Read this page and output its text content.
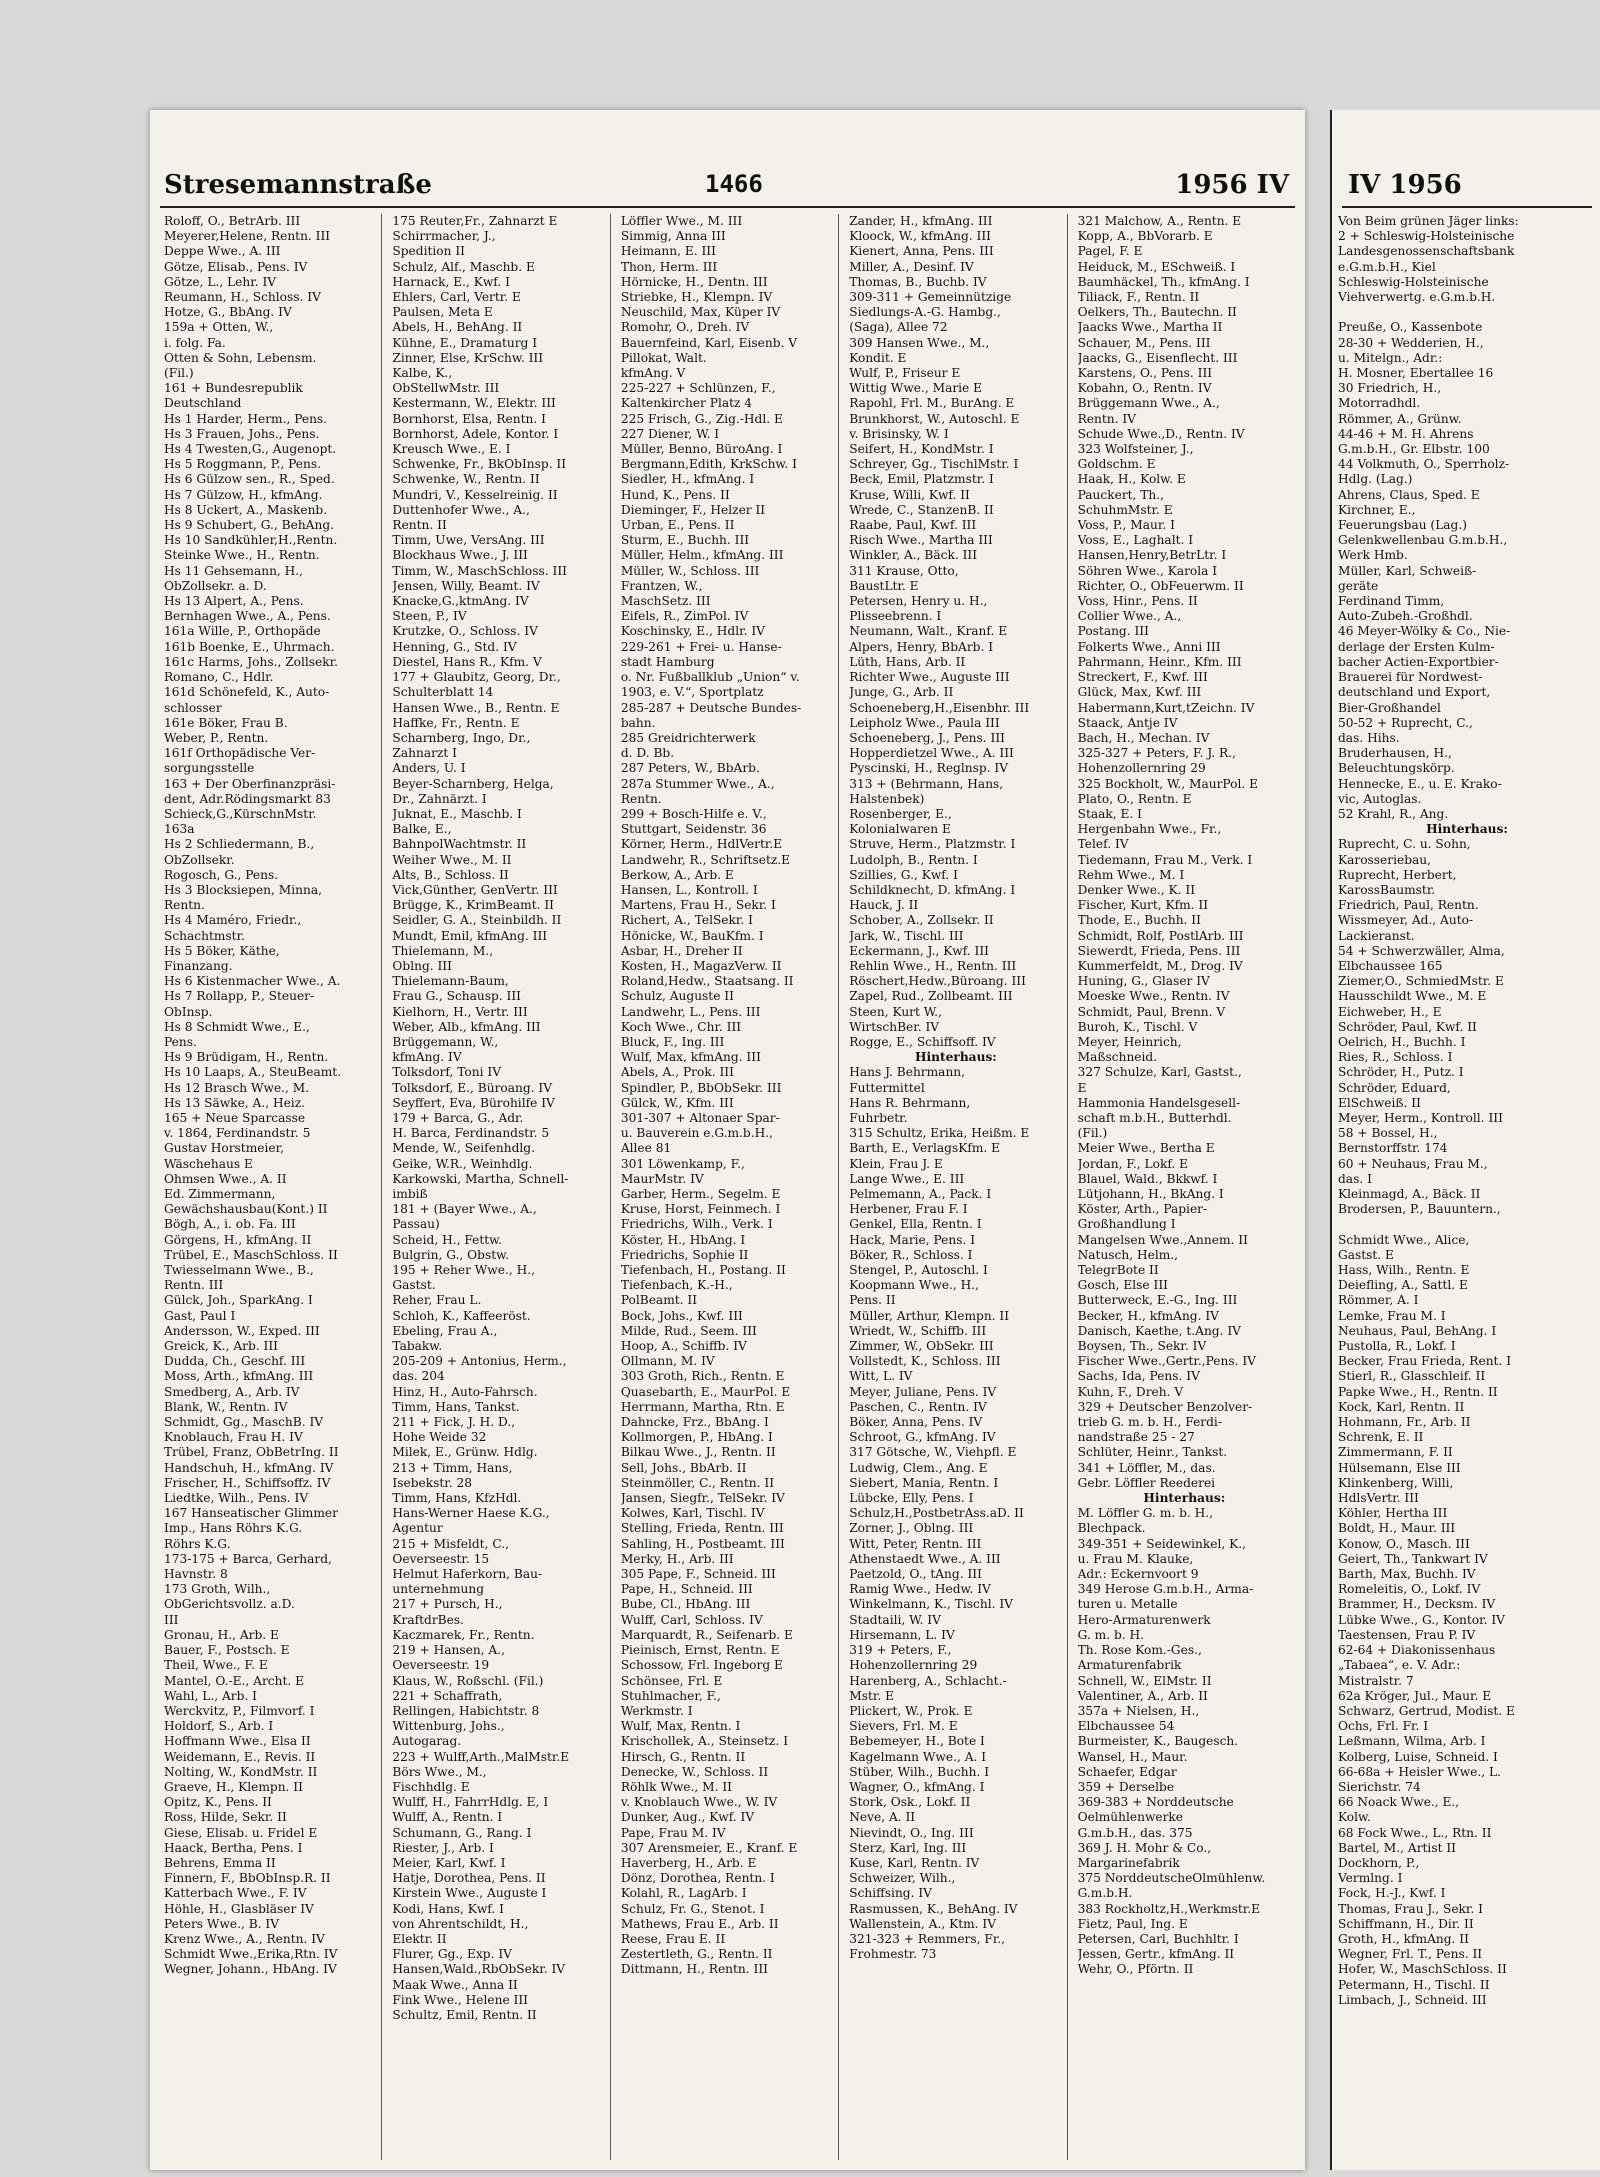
Stresemannstraße	1466	1956 IV
Roloff, O., BetrArb. III
Meyerer,Helene, Rentn. III
Deppe Wwe., A. III
Götze, Elisab., Pens. IV
Götze, L., Lehr. IV
Reumann, H., Schloss. IV
Hotze, G., BbAng. IV
159a + Otten, W.,
i. folg. Fa.
Otten & Sohn, Lebensm.
(Fil.)
161 + Bundesrepublik
Deutschland
Hs 1 Harder, Herm., Pens.
Hs 3 Frauen, Johs., Pens.
Hs 4 Twesten,G., Augenopt.
Hs 5 Roggmann, P., Pens.
Hs 6 Gülzow sen., R., Sped.
Hs 7 Gülzow, H., kfmAng.
Hs 8 Uckert, A., Maskenb.
Hs 9 Schubert, G., BehAng.
Hs 10 Sandkühler,H.,Rentn.
Steinke Wwe., H., Rentn.
Hs 11 Gehsemann, H.,
ObZollsekr. a. D.
Hs 13 Alpert, A., Pens.
Bernhagen Wwe., A., Pens.
161a Wille, P., Orthopäde
161b Boenke, E., Uhrmach.
161c Harms, Johs., Zollsekr.
Romano, C., Hdlr.
161d Schönefeld, K., Auto-
schlosser
161e Böker, Frau B.
Weber, P., Rentn.
161f Orthopädische Ver-
sorgungsstelle
163 + Der Oberfinanzpräsi-
dent, Adr.Rödingsmarkt 83
Schieck,G.,KürschnMstr.
163a
Hs 2 Schliedermann, B.,
ObZollsekr.
Rogosch, G., Pens.
Hs 3 Blocksiepen, Minna,
Rentn.
Hs 4 Maméro, Friedr.,
Schachtmstr.
Hs 5 Böker, Käthe,
Finanzang.
Hs 6 Kistenmacher Wwe., A.
Hs 7 Rollapp, P., Steuer-
ObInsp.
Hs 8 Schmidt Wwe., E.,
Pens.
Hs 9 Brüdigam, H., Rentn.
Hs 10 Laaps, A., SteuBeamt.
Hs 12 Brasch Wwe., M.
Hs 13 Säwke, A., Heiz.
165 + Neue Sparcasse
v. 1864, Ferdinandstr. 5
Gustav Horstmeier,
Wäschehaus E
Ohmsen Wwe., A. II
Ed. Zimmermann,
Gewächshausbau(Kont.) II
Bögh, A., i. ob. Fa. III
Görgens, H., kfmAng. II
Trübel, E., MaschSchloss. II
Twiesselmann Wwe., B.,
Rentn. III
Gülck, Joh., SparkAng. I
Gast, Paul I
Andersson, W., Exped. III
Greick, K., Arb. III
Dudda, Ch., Geschf. III
Moss, Arth., kfmAng. III
Smedberg, A., Arb. IV
Blank, W., Rentn. IV
Schmidt, Gg., MaschB. IV
Knoblauch, Frau H. IV
Trübel, Franz, ObBetrIng. II
Handschuh, H., kfmAng. IV
Frischer, H., Schiffsoffz. IV
Liedtke, Wilh., Pens. IV
167 Hanseatischer Glimmer
Imp., Hans Röhrs K.G.
Röhrs K.G.
173-175 + Barca, Gerhard,
Havnstr. 8
173 Groth, Wilh.,
ObGerichtsvollz. a.D.
III
Gronau, H., Arb. E
Bauer, F., Postsch. E
Theil, Wwe., F. E
Mantel, O.-E., Archt. E
Wahl, L., Arb. I
Werckvitz, P., Filmvorf. I
Holdorf, S., Arb. I
Hoffmann Wwe., Elsa II
Weidemann, E., Revis. II
Nolting, W., KondMstr. II
Graeve, H., Klempn. II
Opitz, K., Pens. II
Ross, Hilde, Sekr. II
Giese, Elisab. u. Fridel E
Haack, Bertha, Pens. I
Behrens, Emma II
Finnern, F., BbObInsp.R. II
Katterbach Wwe., F. IV
Höhle, H., Glasbläser IV
Peters Wwe., B. IV
Krenz Wwe., A., Rentn. IV
Schmidt Wwe.,Erika,Rtn. IV
Wegner, Johann., HbAng. IV
175 Reuter,Fr., Zahnarzt E
Schirrmacher, J.,
Spedition II
Schulz, Alf., Maschb. E
Harnack, E., Kwf. I
Ehlers, Carl, Vertr. E
Paulsen, Meta E
Abels, H., BehAng. II
Kühne, E., Dramaturg I
Zinner, Else, KrSchw. III
Kalbe, K.,
ObStellwMstr. III
Kestermann, W., Elektr. III
Bornhorst, Elsa, Rentn. I
Bornhorst, Adele, Kontor. I
Kreusch Wwe., E. I
Schwenke, Fr., BkObInsp. II
Schwenke, W., Rentn. II
Mundri, V., Kesselreinig. II
Duttenhofer Wwe., A.,
Rentn. II
Timm, Uwe, VersAng. III
Blockhaus Wwe., J. III
Timm, W., MaschSchloss. III
Jensen, Willy, Beamt. IV
Knacke,G.,ktmAng. IV
Steen, P., IV
Krutzke, O., Schloss. IV
Henning, G., Std. IV
Diestel, Hans R., Kfm. V
177 + Glaubitz, Georg, Dr.,
Schulterblatt 14
Hansen Wwe., B., Rentn. E
Haffke, Fr., Rentn. E
Scharnberg, Ingo, Dr.,
Zahnarzt I
Anders, U. I
Beyer-Scharnberg, Helga,
Dr., Zahnärzt. I
Juknat, E., Maschb. I
Balke, E.,
BahnpolWachtmstr. II
Weiher Wwe., M. II
Alts, B., Schloss. II
Vick,Günther, GenVertr. III
Brügge, K., KrimBeamt. II
Seidler, G. A., Steinbildh. II
Mundt, Emil, kfmAng. III
Thielemann, M.,
Oblng. III
Thielemann-Baum,
Frau G., Schausp. III
Kielhorn, H., Vertr. III
Weber, Alb., kfmAng. III
Brüggemann, W.,
kfmAng. IV
Tolksdorf, Toni IV
Tolksdorf, E., Büroang. IV
Seyffert, Eva, Bürohilfe IV
179 + Barca, G., Adr.
H. Barca, Ferdinandstr. 5
Mende, W., Seifenhdlg.
Geike, W.R., Weinhdlg.
Karkowski, Martha, Schnell-
imbiß
181 + (Bayer Wwe., A.,
Passau)
Scheid, H., Fettw.
Bulgrin, G., Obstw.
195 + Reher Wwe., H.,
Gastst.
Reher, Frau L.
Schloh, K., Kaffeeröst.
Ebeling, Frau A.,
Tabakw.
205-209 + Antonius, Herm.,
das. 204
Hinz, H., Auto-Fahrsch.
Timm, Hans, Tankst.
211 + Fick, J. H. D.,
Hohe Weide 32
Milek, E., Grünw. Hdlg.
213 + Timm, Hans,
Isebekstr. 28
Timm, Hans, KfzHdl.
Hans-Werner Haese K.G.,
Agentur
215 + Misfeldt, C.,
Oeverseestr. 15
Helmut Haferkorn, Bau-
unternehmung
217 + Pursch, H.,
KraftdrBes.
Kaczmarek, Fr., Rentn.
219 + Hansen, A.,
Oeverseestr. 19
Klaus, W., Roßschl. (Fil.)
221 + Schaffrath,
Rellingen, Habichtstr. 8
Wittenburg, Johs.,
Autogarag.
223 + Wulff,Arth.,MalMstr.E
Börs Wwe., M.,
Fischhdlg. E
Wulff, H., FahrrHdlg. E, I
Wulff, A., Rentn. I
Schumann, G., Rang. I
Riester, J., Arb. I
Meier, Karl, Kwf. I
Hatje, Dorothea, Pens. II
Kirstein Wwe., Auguste I
Kodi, Hans, Kwf. I
von Ahrentschildt, H.,
Elektr. II
Flurer, Gg., Exp. IV
Hansen,Wald.,RbObSekr. IV
Maak Wwe., Anna II
Fink Wwe., Helene III
Schultz, Emil, Rentn. II
Löffler Wwe., M. III
Simmig, Anna III
Heimann, E. III
Thon, Herm. III
Hörnicke, H., Dentn. III
Striebke, H., Klempn. IV
Neuschild, Max, Küper IV
Romohr, O., Dreh. IV
Bauernfeind, Karl, Eisenb. V
Pillokat, Walt.
kfmAng. V
225-227 + Schlünzen, F.,
Kaltenkircher Platz 4
225 Frisch, G., Zig.-Hdl. E
227 Diener, W. I
Müller, Benno, BüroAng. I
Bergmann,Edith, KrkSchw. I
Siedler, H., kfmAng. I
Hund, K., Pens. II
Dieminger, F., Helzer II
Urban, E., Pens. II
Sturm, E., Buchh. III
Müller, Helm., kfmAng. III
Müller, W., Schloss. III
Frantzen, W.,
MaschSetz. III
Eifels, R., ZimPol. IV
Koschinsky, E., Hdlr. IV
229-261 + Frei- u. Hanse-
stadt Hamburg
o. Nr. Fußballklub „Union“ v.
1903, e. V.“, Sportplatz
285-287 + Deutsche Bundes-
bahn.
285 Greidrichterwerk
d. D. Bb.
287 Peters, W., BbArb.
287a Stummer Wwe., A.,
Rentn.
299 + Bosch-Hilfe e. V.,
Stuttgart, Seidenstr. 36
Körner, Herm., HdlVertr.E
Landwehr, R., Schriftsetz.E
Berkow, A., Arb. E
Hansen, L., Kontroll. I
Martens, Frau H., Sekr. I
Richert, A., TelSekr. I
Hönicke, W., BauKfm. I
Asbar, H., Dreher II
Kosten, H., MagazVerw. II
Roland,Hedw., Staatsang. II
Schulz, Auguste II
Landwehr, L., Pens. III
Koch Wwe., Chr. III
Bluck, F., Ing. III
Wulf, Max, kfmAng. III
Abels, A., Prok. III
Spindler, P., BbObSekr. III
Gülck, W., Kfm. III
301-307 + Altonaer Spar-
u. Bauverein e.G.m.b.H.,
Allee 81
301 Löwenkamp, F.,
MaurMstr. IV
Garber, Herm., Segelm. E
Kruse, Horst, Feinmech. I
Friedrichs, Wilh., Verk. I
Köster, H., HbAng. I
Friedrichs, Sophie II
Tiefenbach, H., Postang. II
Tiefenbach, K.-H.,
PolBeamt. II
Bock, Johs., Kwf. III
Milde, Rud., Seem. III
Hoop, A., Schiffb. IV
Ollmann, M. IV
303 Groth, Rich., Rentn. E
Quasebarth, E., MaurPol. E
Herrmann, Martha, Rtn. E
Dahncke, Frz., BbAng. I
Kollmorgen, P., HbAng. I
Bilkau Wwe., J., Rentn. II
Sell, Johs., BbArb. II
Steinmöller, C., Rentn. II
Jansen, Siegfr., TelSekr. IV
Kolwes, Karl, Tischl. IV
Stelling, Frieda, Rentn. III
Sahling, H., Postbeamt. III
Merky, H., Arb. III
305 Pape, F., Schneid. III
Pape, H., Schneid. III
Bube, Cl., HbAng. III
Wulff, Carl, Schloss. IV
Marquardt, R., Seifenarb. E
Pieinisch, Ernst, Rentn. E
Schossow, Frl. Ingeborg E
Schönsee, Frl. E
Stuhlmacher, F.,
Werkmstr. I
Wulf, Max, Rentn. I
Krischollek, A., Steinsetz. I
Hirsch, G., Rentn. II
Denecke, W., Schloss. II
Röhlk Wwe., M. II
v. Knoblauch Wwe., W. IV
Dunker, Aug., Kwf. IV
Pape, Frau M. IV
307 Arensmeier, E., Kranf. E
Haverberg, H., Arb. E
Dönz, Dorothea, Rentn. I
Kolahl, R., LagArb. I
Schulz, Fr. G., Stenot. I
Mathews, Frau E., Arb. II
Reese, Frau E. II
Zestertleth, G., Rentn. II
Dittmann, H., Rentn. III
Zander, H., kfmAng. III
Kloock, W., kfmAng. III
Kienert, Anna, Pens. III
Miller, A., Desinf. IV
Thomas, B., Buchb. IV
309-311 + Gemeinnützige
Siedlungs-A.-G. Hambg.,
(Saga), Allee 72
309 Hansen Wwe., M.,
Kondit. E
Wulf, P., Friseur E
Wittig Wwe., Marie E
Rapohl, Frl. M., BurAng. E
Brunkhorst, W., Autoschl. E
v. Brisinsky, W. I
Seifert, H., KondMstr. I
Schreyer, Gg., TischlMstr. I
Beck, Emil, Platzmstr. I
Kruse, Willi, Kwf. II
Wrede, C., StanzenB. II
Raabe, Paul, Kwf. III
Risch Wwe., Martha III
Winkler, A., Bäck. III
311 Krause, Otto,
BaustLtr. E
Petersen, Henry u. H.,
Plisseebrenn. I
Neumann, Walt., Kranf. E
Alpers, Henry, BbArb. I
Lüth, Hans, Arb. II
Richter Wwe., Auguste III
Junge, G., Arb. II
Schoeneberg,H.,Eisenbhr. III
Leipholz Wwe., Paula III
Schoeneberg, J., Pens. III
Hopperdietzel Wwe., A. III
Pyscinski, H., Reglnsp. IV
313 + (Behrmann, Hans,
Halstenbek)
Rosenberger, E.,
Kolonialwaren E
Struve, Herm., Platzmstr. I
Ludolph, B., Rentn. I
Szillies, G., Kwf. I
Schildknecht, D. kfmAng. I
Hauck, J. II
Schober, A., Zollsekr. II
Jark, W., Tischl. III
Eckermann, J., Kwf. III
Rehlin Wwe., H., Rentn. III
Röschert,Hedw.,Büroang. III
Zapel, Rud., Zollbeamt. III
Steen, Kurt W.,
WirtschBer. IV
Rogge, E., Schiffsoff. IV
Hinterhaus:
Hans J. Behrmann,
Futtermittel
Hans R. Behrmann,
Fuhrbetr.
315 Schultz, Erika, Heißm. E
Barth, E., VerlagsKfm. E
Klein, Frau J. E
Lange Wwe., E. III
Pelmemann, A., Pack. I
Herbener, Frau F. I
Genkel, Ella, Rentn. I
Hack, Marie, Pens. I
Böker, R., Schloss. I
Stengel, P., Autoschl. I
Koopmann Wwe., H.,
Pens. II
Müller, Arthur, Klempn. II
Wriedt, W., Schiffb. III
Zimmer, W., ObSekr. III
Vollstedt, K., Schloss. III
Witt, L. IV
Meyer, Juliane, Pens. IV
Paschen, C., Rentn. IV
Böker, Anna, Pens. IV
Schroot, G., kfmAng. IV
317 Götsche, W., Viehpfl. E
Ludwig, Clem., Ang. E
Siebert, Mania, Rentn. I
Lübcke, Elly, Pens. I
Schulz,H.,PostbetrAss.aD. II
Zorner, J., Oblng. III
Witt, Peter, Rentn. III
Athenstaedt Wwe., A. III
Paetzold, O., tAng. III
Ramig Wwe., Hedw. IV
Winkelmann, K., Tischl. IV
Stadtaili, W. IV
Hirsemann, L. IV
319 + Peters, F.,
Hohenzollernring 29
Harenberg, A., Schlacht.-
Mstr. E
Plickert, W., Prok. E
Sievers, Frl. M. E
Bebemeyer, H., Bote I
Kagelmann Wwe., A. I
Stüber, Wilh., Buchh. I
Wagner, O., kfmAng. I
Stork, Osk., Lokf. II
Neve, A. II
Nievindt, O., Ing. III
Sterz, Karl, Ing. III
Kuse, Karl, Rentn. IV
Schweizer, Wilh.,
Schiffsing. IV
Rasmussen, K., BehAng. IV
Wallenstein, A., Ktm. IV
321-323 + Remmers, Fr.,
Frohmestr. 73
321 Malchow, A., Rentn. E
Kopp, A., BbVorarb. E
Pagel, F. E
Heiduck, M., ESchweiß. I
Baumhäckel, Th., kfmAng. I
Tiliack, F., Rentn. II
Oelkers, Th., Bautechn. II
Jaacks Wwe., Martha II
Schauer, M., Pens. III
Jaacks, G., Eisenflecht. III
Karstens, O., Pens. III
Kobahn, O., Rentn. IV
Brüggemann Wwe., A.,
Rentn. IV
Schude Wwe.,D., Rentn. IV
323 Wolfsteiner, J.,
Goldschm. E
Haak, H., Kolw. E
Pauckert, Th.,
SchuhmMstr. E
Voss, P., Maur. I
Voss, E., Laghalt. I
Hansen,Henry,BetrLtr. I
Söhren Wwe., Karola I
Richter, O., ObFeuerwm. II
Voss, Hinr., Pens. II
Collier Wwe., A.,
Postang. III
Folkerts Wwe., Anni III
Pahrmann, Heinr., Kfm. III
Streckert, F., Kwf. III
Glück, Max, Kwf. III
Habermann,Kurt,tZeichn. IV
Staack, Antje IV
Bach, H., Mechan. IV
325-327 + Peters, F. J. R.,
Hohenzollernring 29
325 Bockholt, W., MaurPol. E
Plato, O., Rentn. E
Staak, E. I
Hergenbahn Wwe., Fr.,
Telef. IV
Tiedemann, Frau M., Verk. I
Rehm Wwe., M. I
Denker Wwe., K. II
Fischer, Kurt, Kfm. II
Thode, E., Buchh. II
Schmidt, Rolf, PostlArb. III
Siewerdt, Frieda, Pens. III
Kummerfeldt, M., Drog. IV
Huning, G., Glaser IV
Moeske Wwe., Rentn. IV
Schmidt, Paul, Brenn. V
Buroh, K., Tischl. V
Meyer, Heinrich,
Maßschneid.
327 Schulze, Karl, Gastst.,
E
Hammonia Handelsgesell-
schaft m.b.H., Butterhdl.
(Fil.)
Meier Wwe., Bertha E
Jordan, F., Lokf. E
Blauel, Wald., Bkkwf. I
Lütjohann, H., BkAng. I
Köster, Arth., Papier-
Großhandlung I
Mangelsen Wwe.,Annem. II
Natusch, Helm.,
TelegrBote II
Gosch, Else III
Butterweck, E.-G., Ing. III
Becker, H., kfmAng. IV
Danisch, Kaethe, t.Ang. IV
Boysen, Th., Sekr. IV
Fischer Wwe.,Gertr.,Pens. IV
Sachs, Ida, Pens. IV
Kuhn, F., Dreh. V
329 + Deutscher Benzolver-
trieb G. m. b. H., Ferdi-
nandstraße 25 - 27
Schlüter, Heinr., Tankst.
341 + Löffler, M., das.
Gebr. Löffler Reederei
Hinterhaus:
M. Löffler G. m. b. H.,
Blechpack.
349-351 + Seidewinkel, K.,
u. Frau M. Klauke,
Adr.: Eckernvoort 9
349 Herose G.m.b.H., Arma-
turen u. Metalle
Hero-Armaturenwerk
G. m. b. H.
Th. Rose Kom.-Ges.,
Armaturenfabrik
Schnell, W., ElMstr. II
Valentiner, A., Arb. II
357a + Nielsen, H.,
Elbchaussee 54
Burmeister, K., Baugesch.
Wansel, H., Maur.
Schaefer, Edgar
359 + Derselbe
369-383 + Norddeutsche
Oelmühlenwerke
G.m.b.H., das. 375
369 J. H. Mohr & Co.,
Margarinefabrik
375 NorddeutscheOlmühlenw.
G.m.b.H.
383 Rockholtz,H.,Werkmstr.E
Fietz, Paul, Ing. E
Petersen, Carl, Buchhltr. I
Jessen, Gertr., kfmAng. II
Wehr, O., Pförtn. II
IV 1956
Von Beim grünen Jäger links:
2 + Schleswig-Holsteinische
Landesgenossenschaftsbank
e.G.m.b.H., Kiel
Schleswig-Holsteinische
Viehverwertg. e.G.m.b.H.

Preuße, O., Kassenbote
28-30 + Wedderien, H.,
u. Mitelgn., Adr.:
H. Mosner, Ebertallee 16
30 Friedrich, H.,
Motorradhdl.
Römmer, A., Grünw.
44-46 + M. H. Ahrens
G.m.b.H., Gr. Elbstr. 100
44 Volkmuth, O., Sperrholz-
Hdlg. (Lag.)
Ahrens, Claus, Sped. E
Kirchner, E.,
Feuerungsbau (Lag.)
Gelenkwellenbau G.m.b.H.,
Werk Hmb.
Müller, Karl, Schweiß-
geräte
Ferdinand Timm,
Auto-Zubeh.-Großhdl.
46 Meyer-Wölky & Co., Nie-
derlage der Ersten Kulm-
bacher Actien-Exportbier-
Brauerei für Nordwest-
deutschland und Export,
Bier-Großhandel
50-52 + Ruprecht, C.,
das. Hihs.
Bruderhausen, H.,
Beleuchtungskörp.
Hennecke, E., u. E. Krako-
vic, Autoglas.
52 Krahl, R., Ang.
Hinterhaus:
Ruprecht, C. u. Sohn,
Karosseriebau,
Ruprecht, Herbert,
KarossBaumstr.
Friedrich, Paul, Rentn.
Wissmeyer, Ad., Auto-
Lackieranst.
54 + Schwerzwäller, Alma,
Elbchaussee 165
Ziemer,O., SchmiedMstr. E
Hausschildt Wwe., M. E
Eichweber, H., E
Schröder, Paul, Kwf. II
Oelrich, H., Buchh. I
Ries, R., Schloss. I
Schröder, H., Putz. I
Schröder, Eduard,
ElSchweiß. II
Meyer, Herm., Kontroll. III
58 + Bossel, H.,
Bernstorffstr. 174
60 + Neuhaus, Frau M.,
das. I
Kleinmagd, A., Bäck. II
Brodersen, P., Bauuntern.,

Schmidt Wwe., Alice,
Gastst. E
Hass, Wilh., Rentn. E
Deiefling, A., Sattl. E
Römmer, A. I
Lemke, Frau M. I
Neuhaus, Paul, BehAng. I
Pustolla, R., Lokf. I
Becker, Frau Frieda, Rent. I
Stierl, R., Glasschleif. II
Papke Wwe., H., Rentn. II
Kock, Karl, Rentn. II
Hohmann, Fr., Arb. II
Schrenk, E. II
Zimmermann, F. II
Hülsemann, Else III
Klinkenberg, Willi,
HdlsVertr. III
Köhler, Hertha III
Boldt, H., Maur. III
Konow, O., Masch. III
Geiert, Th., Tankwart IV
Barth, Max, Buchh. IV
Romeleitis, O., Lokf. IV
Brammer, H., Decksm. IV
Lübke Wwe., G., Kontor. IV
Taestensen, Frau P. IV
62-64 + Diakonissenhaus
„Tabaea“, e. V. Adr.:
Mistralstr. 7
62a Kröger, Jul., Maur. E
Schwarz, Gertrud, Modist. E
Ochs, Frl. Fr. I
Leßmann, Wilma, Arb. I
Kolberg, Luise, Schneid. I
66-68a + Heisler Wwe., L.
Sierichstr. 74
66 Noack Wwe., E.,
Kolw.
68 Fock Wwe., L., Rtn. II
Bartel, M., Artist II
Dockhorn, P.,
Vermlng. I
Fock, H.-J., Kwf. I
Thomas, Frau J., Sekr. I
Schiffmann, H., Dir. II
Groth, H., kfmAng. II
Wegner, Frl. T., Pens. II
Hofer, W., MaschSchloss. II
Petermann, H., Tischl. II
Limbach, J., Schneid. III
